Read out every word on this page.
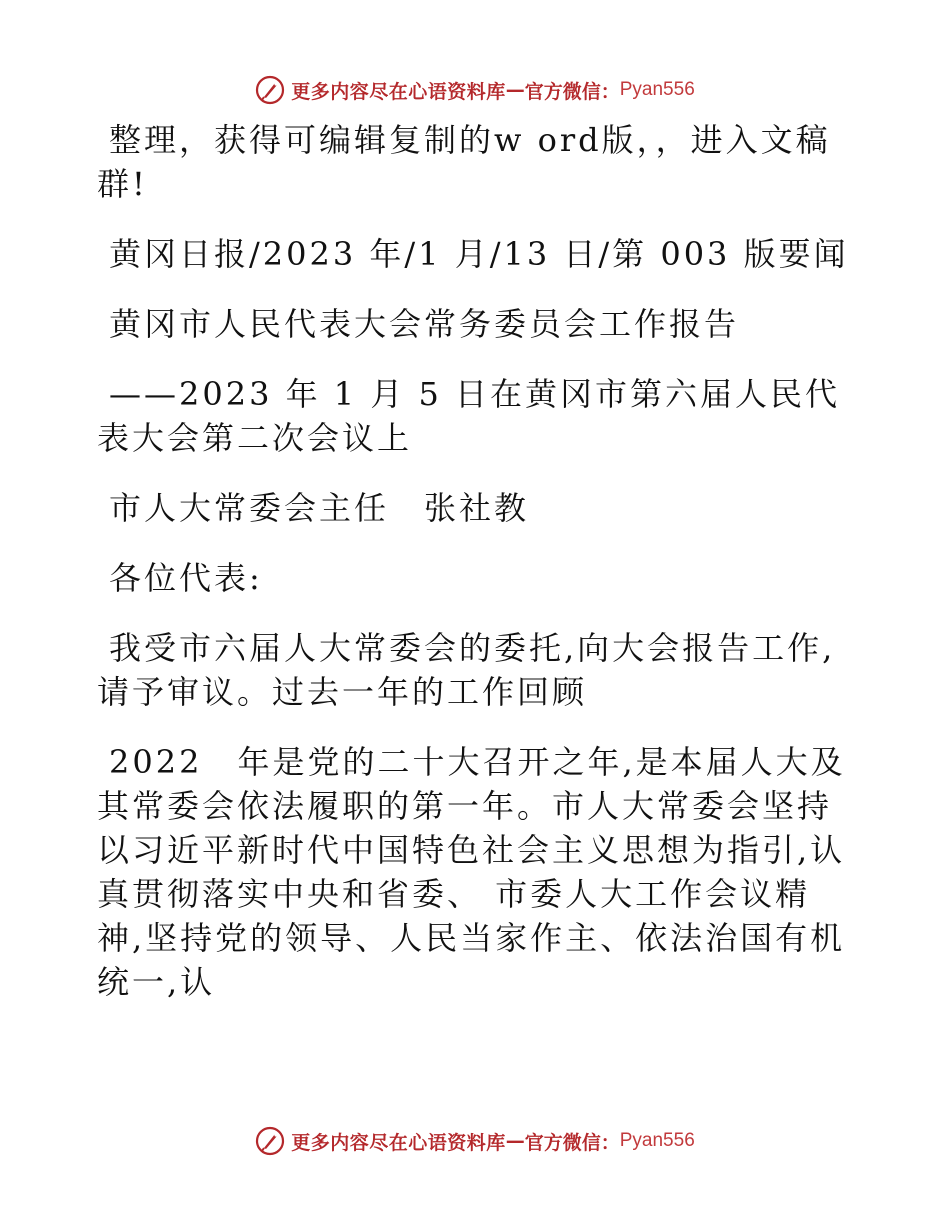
更多内容尽在心语资料库 — 官方微信： Pyan556

整理，获得可编辑复制的w ord版，，进入文稿群!

黄冈日报/2023 年/1 月/13 日/第 003 版要闻

黄冈市人民代表大会常务委员会工作报告

——2023 年 1 月 5 日在黄冈市第六届人民代表大会第二次会议上

市人大常委会主任　张社教

各位代表:

我受市六届人大常委会的委托,向大会报告工作,请予审议。过去一年的工作回顾

2022　年是党的二十大召开之年,是本届人大及其常委会依法履职的第一年。市人大常委会坚持以习近平新时代中国特色社会主义思想为指引,认真贯彻落实中央和省委、 市委人大工作会议精神,坚持党的领导、人民当家作主、依法治国有机统一,认

更多内容尽在心语资料库 — 官方微信： Pyan556
